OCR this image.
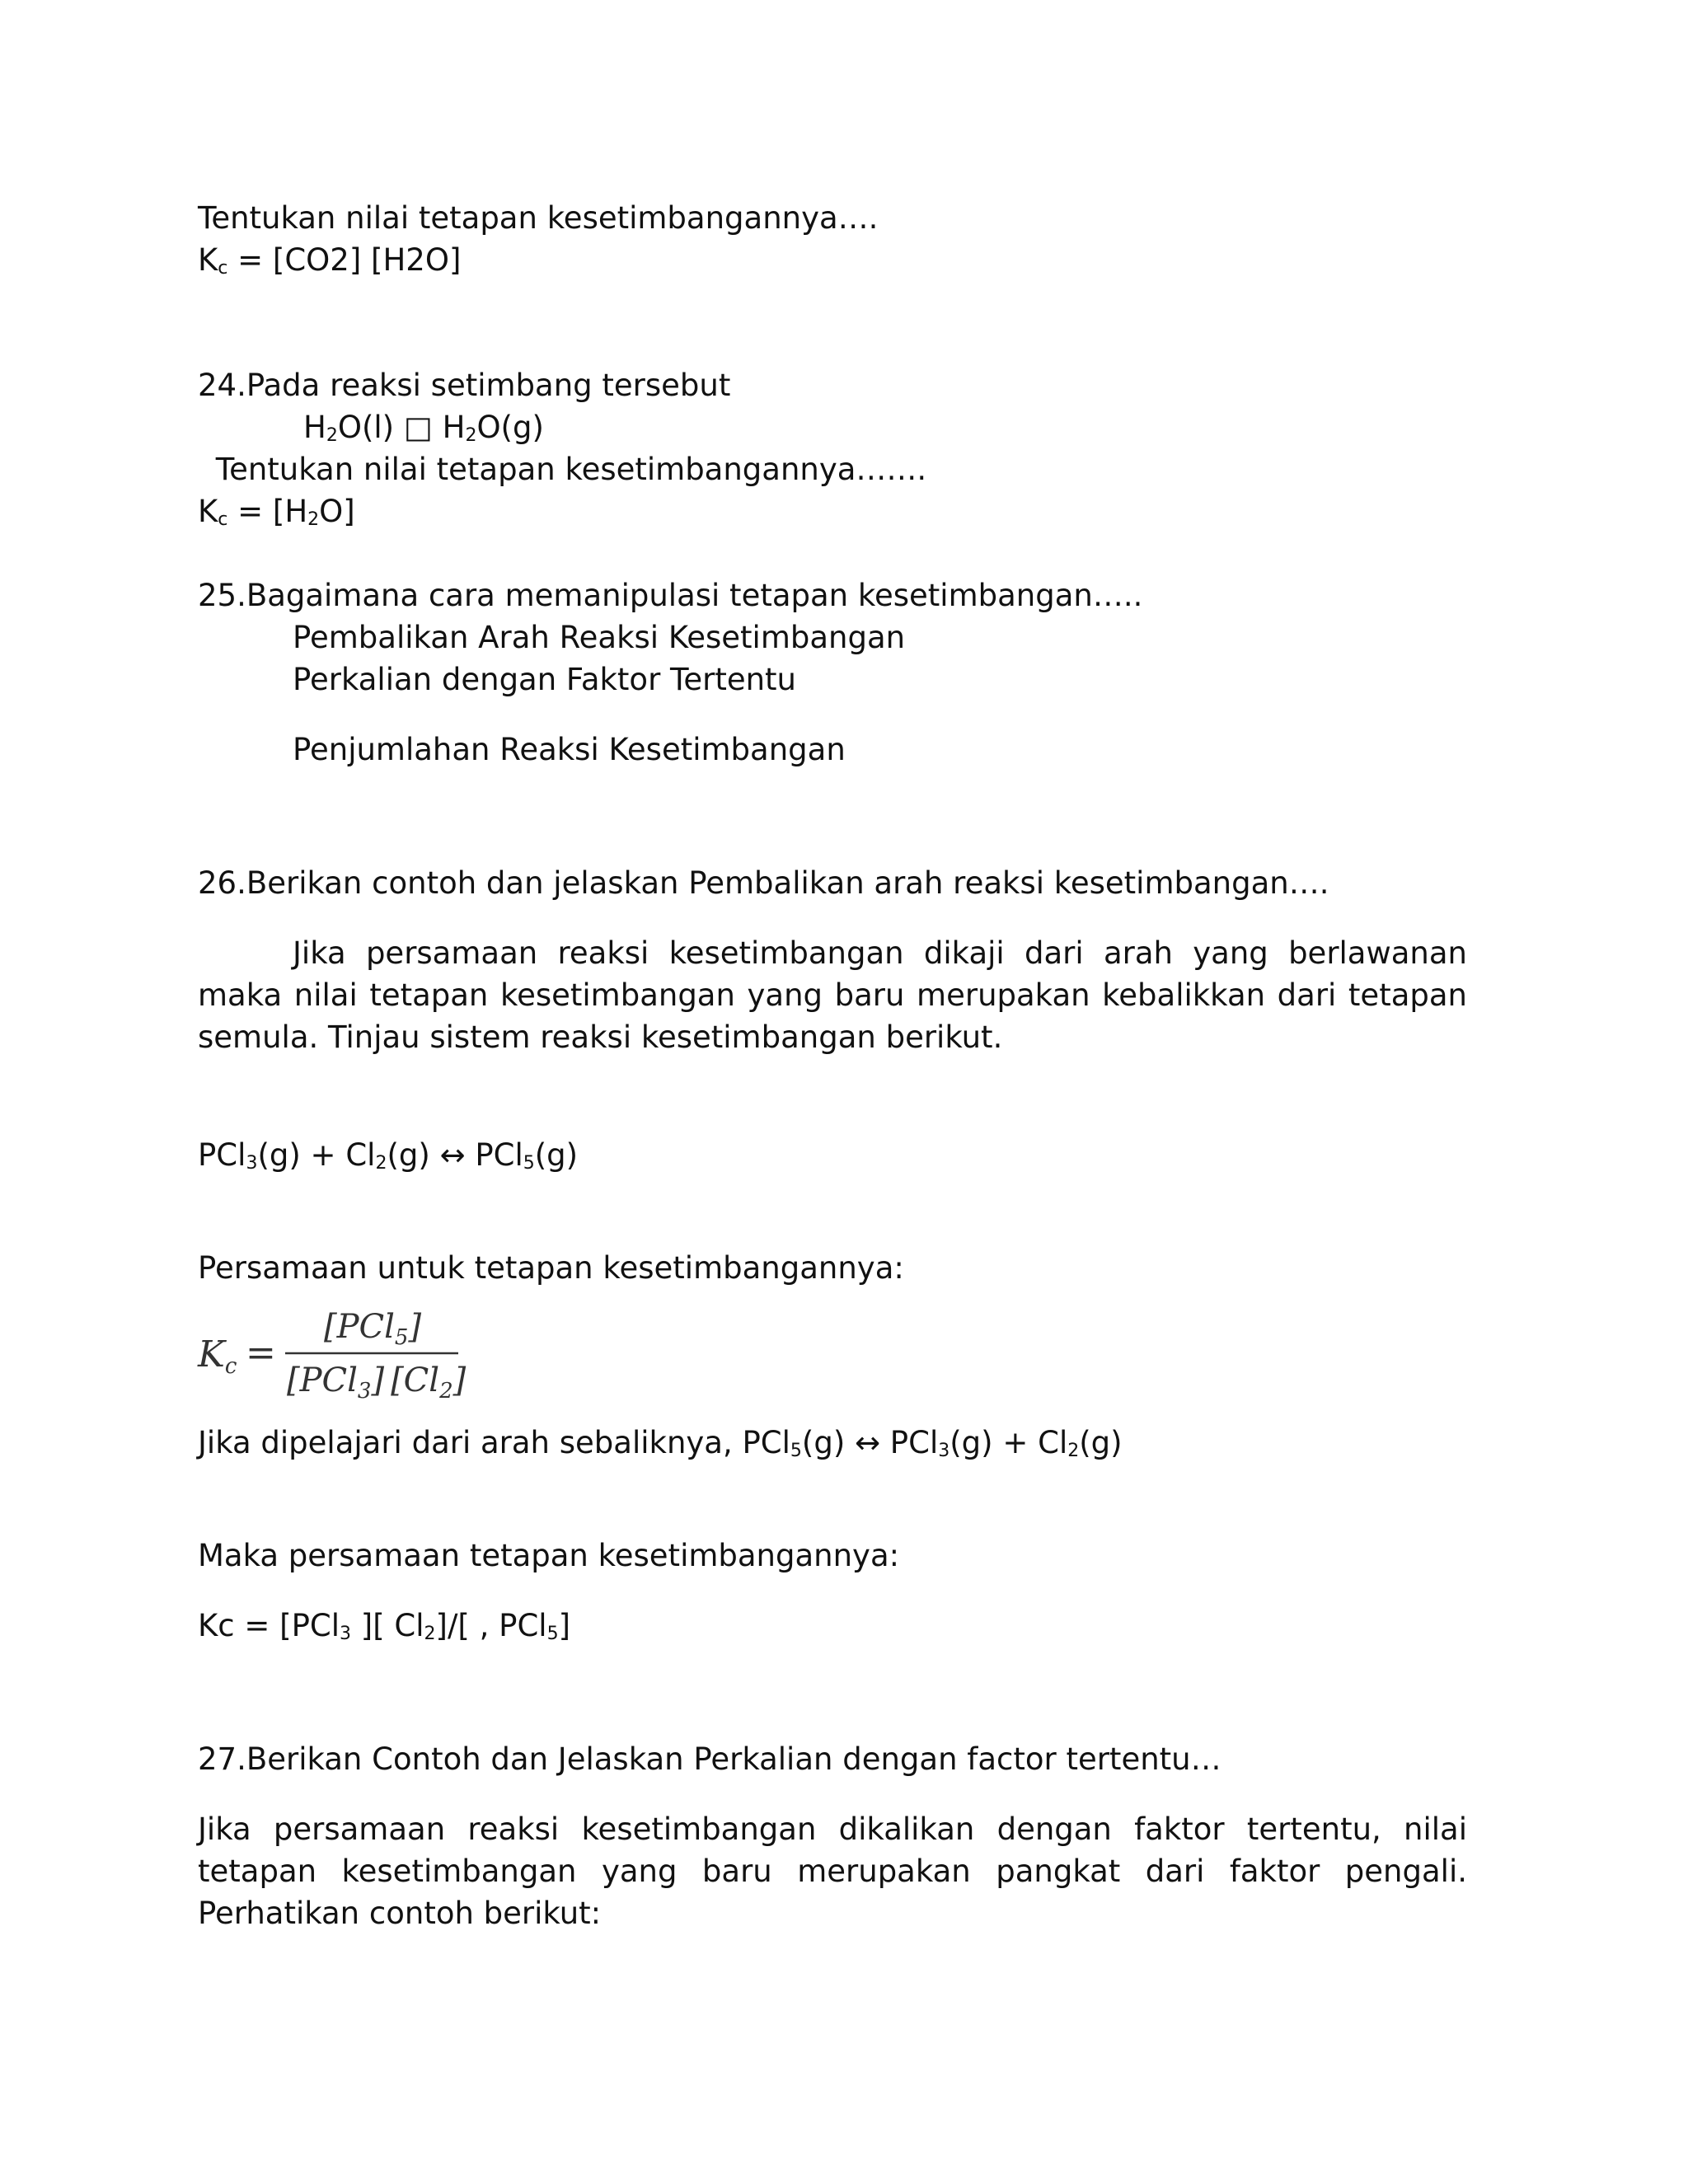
Tentukan nilai tetapan kesetimbangannya….
$K_c = [CO2]$ [H2O]
24.Pada reaksi setimbang tersebut
$H_2O(l)$ □ $H_2O(g)$
Tentukan nilai tetapan kesetimbangannya…….
$K_c = [H_2O]$
25.Bagaimana cara memanipulasi tetapan kesetimbangan…..
Pembalikan Arah Reaksi Kesetimbangan
Perkalian dengan Faktor Tertentu
Penjumlahan Reaksi Kesetimbangan
26.Berikan contoh dan jelaskan Pembalikan arah reaksi kesetimbangan….
Jika persamaan reaksi kesetimbangan dikaji dari arah yang berlawanan maka nilai tetapan kesetimbangan yang baru merupakan kebalikkan dari tetapan semula. Tinjau sistem reaksi kesetimbangan berikut.
$PCl_3(g) + Cl_2(g)$ ↔ PCl$_5$(g)
Persamaan untuk tetapan kesetimbangannya:
Kc =
[PCl$_5$]
[PCl$_3$] $[Cl_2]$
Jika dipelajari dari arah sebaliknya, PCl$_5$(g) ↔ $PCl_3(g) + Cl_2(g)$
Maka persamaan tetapan kesetimbangannya:
Kc = [PCl$_3$ ][ $Cl_2]/$[ , PCl$_5$]
27.Berikan Contoh dan Jelaskan Perkalian dengan factor tertentu…
Jika persamaan reaksi kesetimbangan dikalikan dengan faktor tertentu, nilai tetapan kesetimbangan yang baru merupakan pangkat dari faktor pengali. Perhatikan contoh berikut:
